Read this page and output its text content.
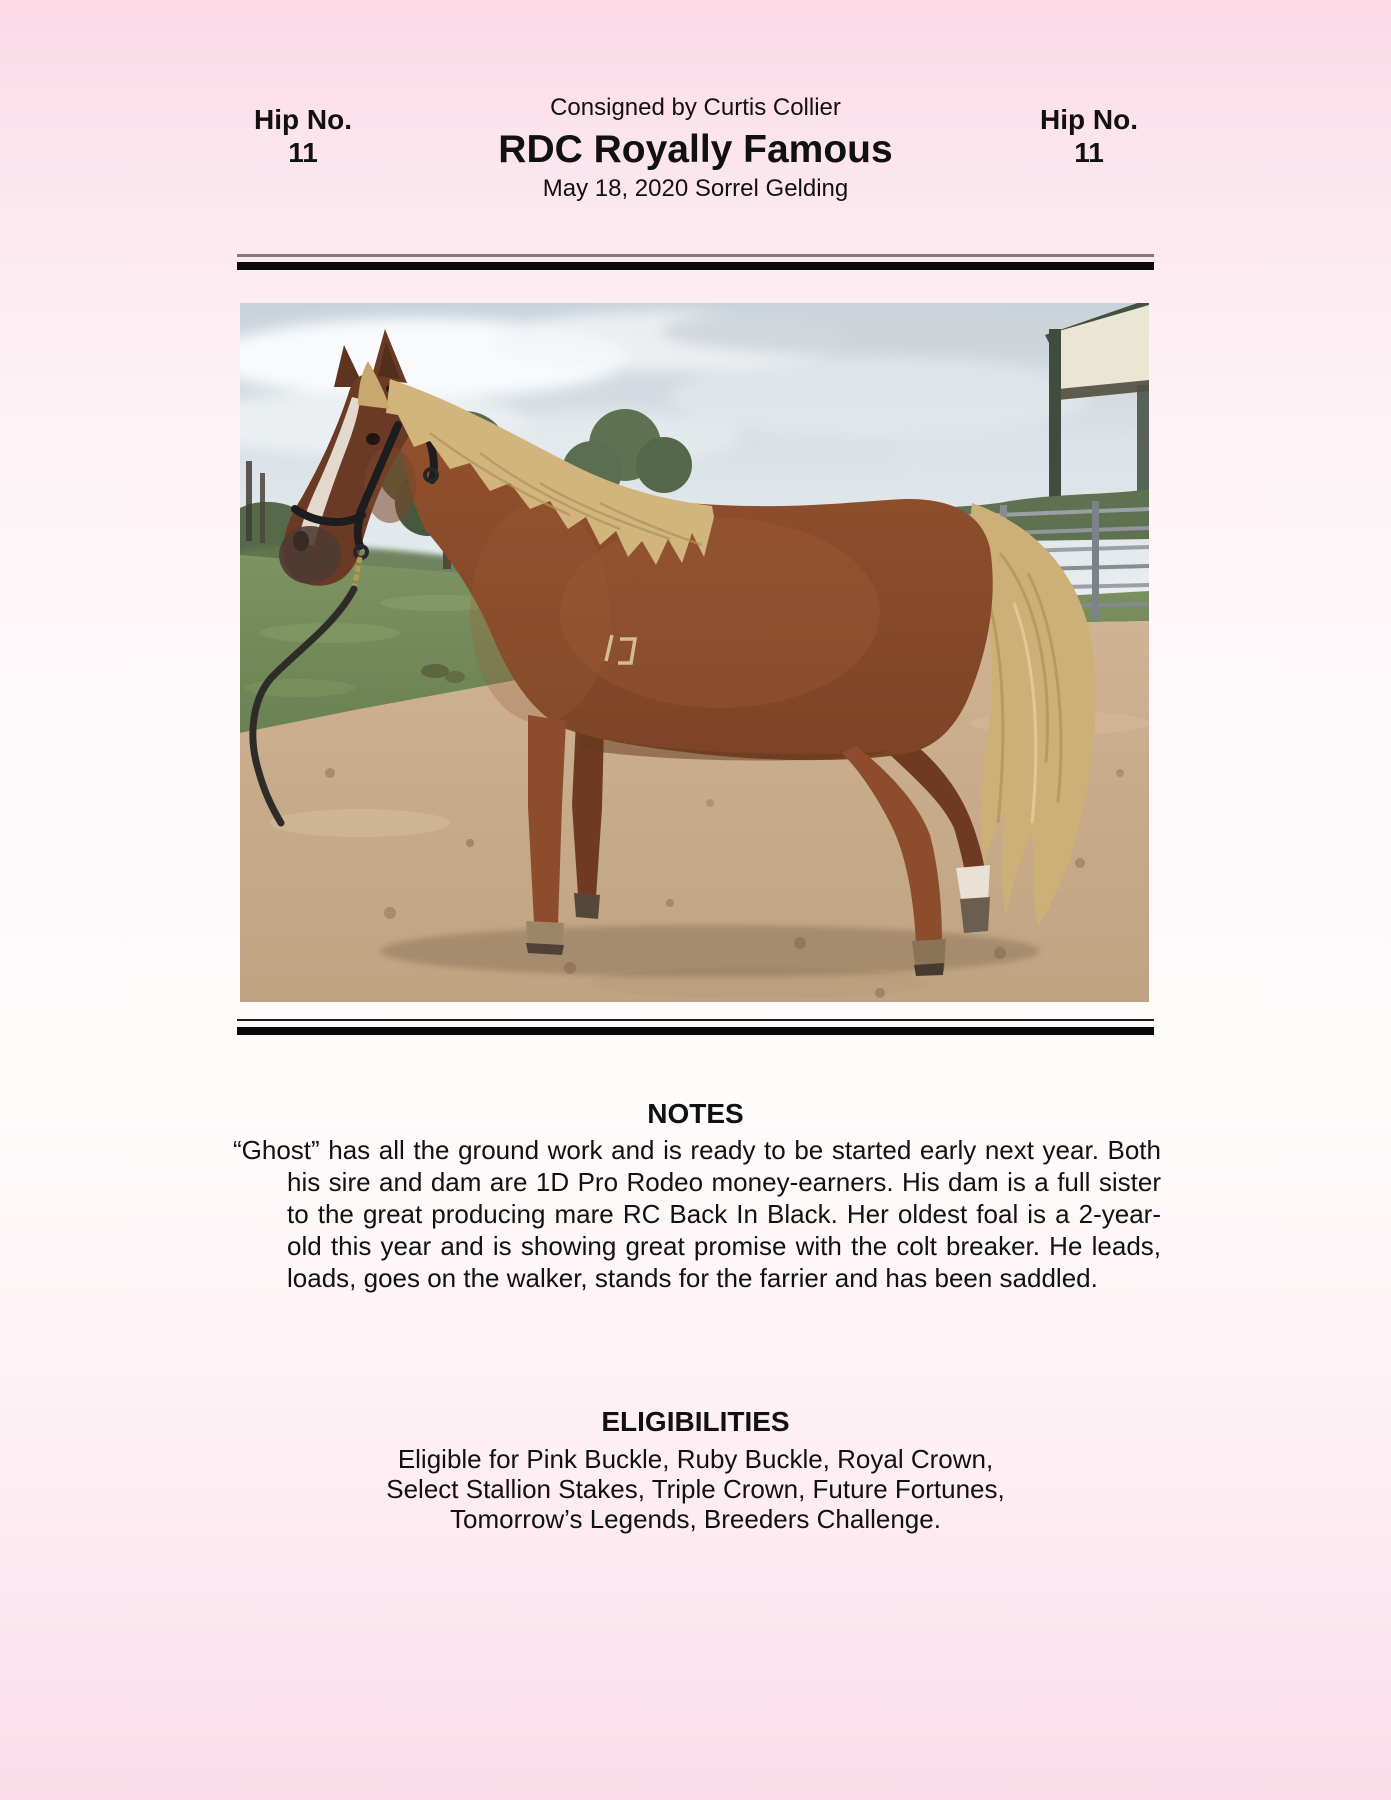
Hip No.
11
Hip No.
11
Consigned by Curtis Collier
RDC Royally Famous
May 18, 2020 Sorrel Gelding
NOTES
“Ghost” has all the ground work and is ready to be started early next year. Both his sire and dam are 1D Pro Rodeo money-earners. His dam is a full sister to the great producing mare RC Back In Black. Her oldest foal is a 2-year-old this year and is showing great promise with the colt breaker. He leads, loads, goes on the walker, stands for the farrier and has been saddled.
ELIGIBILITIES
Eligible for Pink Buckle, Ruby Buckle, Royal Crown,
Select Stallion Stakes, Triple Crown, Future Fortunes,
Tomorrow’s Legends, Breeders Challenge.
